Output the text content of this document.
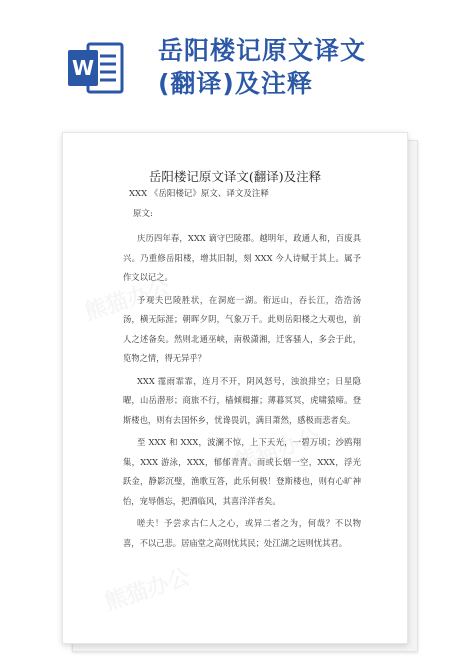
W
岳阳楼记原文译文
(翻译)及注释
岳阳楼记原文译文(翻译)及注释
XXX 《岳阳楼记》原文、译文及注释
原文:

庆历四年春，XXX 谪守巴陵郡。越明年，政通人和，百废具兴。乃重修岳阳楼，增其旧制，刻 XXX 今人诗赋于其上。属予作文以记之。

予观夫巴陵胜状，在洞庭一湖。衔远山，吞长江，浩浩汤汤，横无际涯；朝晖夕阴，气象万千。此则岳阳楼之大观也，前人之述备矣。然则北通巫峡，南极潇湘，迁客骚人，多会于此，览物之情，得无异乎？

XXX 霪雨霏霏，连月不开，阴风怒号，浊浪排空；日星隐曜，山岳潜形；商旅不行，樯倾楫摧；薄暮冥冥，虎啸猿啼。登斯楼也，则有去国怀乡，忧谗畏讥，满目萧然，感极而悲者矣。

至 XXX 和 XXX，波澜不惊，上下天光，一碧万顷；沙鸥翔集，XXX 游泳，XXX，郁郁青青。而或长烟一空，XXX，浮光跃金，静影沉璧，渔歌互答，此乐何极！登斯楼也，则有心旷神怡，宠辱偕忘，把酒临风，其喜洋洋者矣。

嗟夫！予尝求古仁人之心，或异二者之为，何哉？不以物喜，不以己悲。居庙堂之高则忧其民；处江湖之远则忧其君。
